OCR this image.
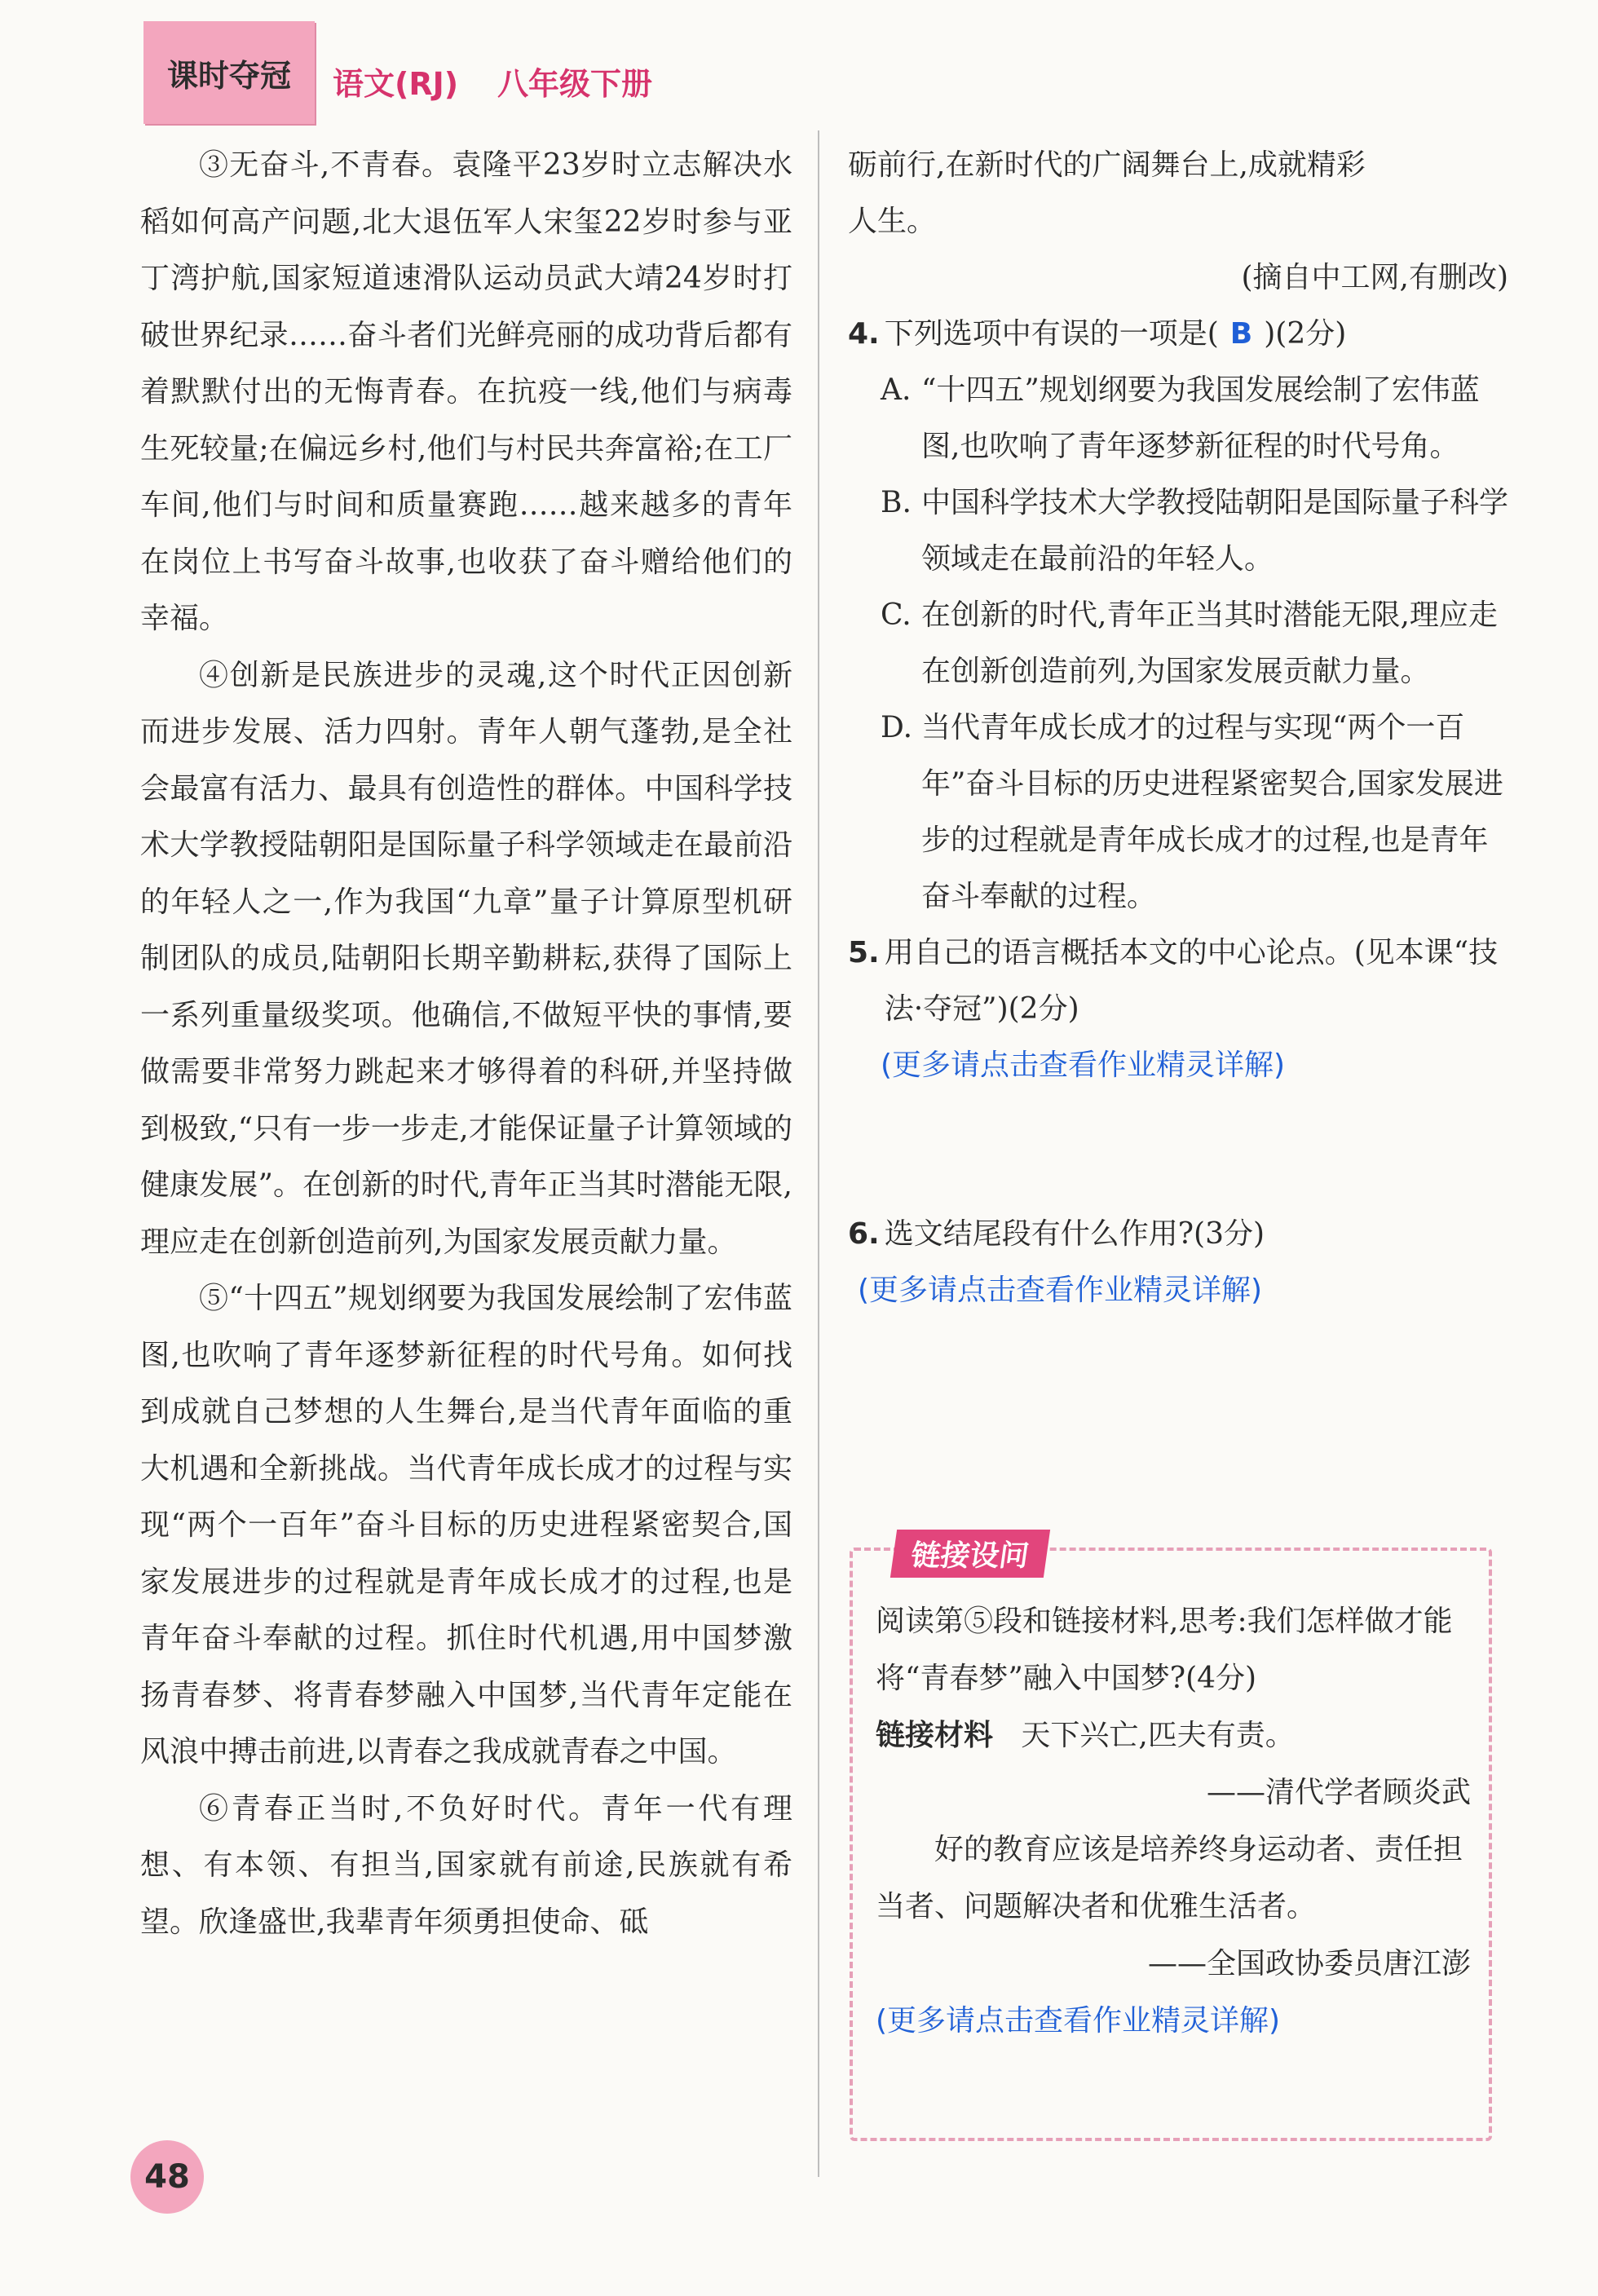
课时夺冠 语文(RJ) 八年级下册

③无奋斗,不青春。袁隆平23岁时立志解决水稻如何高产问题,北大退伍军人宋玺22岁时参与亚丁湾护航,国家短道速滑队运动员武大靖24岁时打破世界纪录……奋斗者们光鲜亮丽的成功背后都有着默默付出的无悔青春。在抗疫一线,他们与病毒生死较量;在偏远乡村,他们与村民共奔富裕;在工厂车间,他们与时间和质量赛跑……越来越多的青年在岗位上书写奋斗故事,也收获了奋斗赠给他们的幸福。

④创新是民族进步的灵魂,这个时代正因创新而进步发展、活力四射。青年人朝气蓬勃,是全社会最富有活力、最具有创造性的群体。中国科学技术大学教授陆朝阳是国际量子科学领域走在最前沿的年轻人之一,作为我国“九章”量子计算原型机研制团队的成员,陆朝阳长期辛勤耕耘,获得了国际上一系列重量级奖项。他确信,不做短平快的事情,要做需要非常努力跳起来才够得着的科研,并坚持做到极致,“只有一步一步走,才能保证量子计算领域的健康发展”。在创新的时代,青年正当其时潜能无限,理应走在创新创造前列,为国家发展贡献力量。

⑤“十四五”规划纲要为我国发展绘制了宏伟蓝图,也吹响了青年逐梦新征程的时代号角。如何找到成就自己梦想的人生舞台,是当代青年面临的重大机遇和全新挑战。当代青年成长成才的过程与实现“两个一百年”奋斗目标的历史进程紧密契合,国家发展进步的过程就是青年成长成才的过程,也是青年奋斗奉献的过程。抓住时代机遇,用中国梦激扬青春梦、将青春梦融入中国梦,当代青年定能在风浪中搏击前进,以青春之我成就青春之中国。

⑥青春正当时,不负好时代。青年一代有理想、有本领、有担当,国家就有前途,民族就有希望。欣逢盛世,我辈青年须勇担使命、砥

砺前行,在新时代的广阔舞台上,成就精彩

人生。

(摘自中工网,有删改)

4. 下列选项中有误的一项是( B )(2分)
A. “十四五”规划纲要为我国发展绘制了宏伟蓝图,也吹响了青年逐梦新征程的时代号角。
B. 中国科学技术大学教授陆朝阳是国际量子科学领域走在最前沿的年轻人。
C. 在创新的时代,青年正当其时潜能无限,理应走在创新创造前列,为国家发展贡献力量。
D. 当代青年成长成才的过程与实现“两个一百年”奋斗目标的历史进程紧密契合,国家发展进步的过程就是青年成长成才的过程,也是青年奋斗奉献的过程。
5. 用自己的语言概括本文的中心论点。(见本课“技法·夺冠”)(2分)

(更多请点击查看作业精灵详解)

6. 选文结尾段有什么作用?(3分)

(更多请点击查看作业精灵详解)

链接设问

阅读第⑤段和链接材料,思考:我们怎样做才能将“青春梦”融入中国梦?(4分)

链接材料 天下兴亡,匹夫有责。

——清代学者顾炎武

好的教育应该是培养终身运动者、责任担当者、问题解决者和优雅生活者。

——全国政协委员唐江澎

(更多请点击查看作业精灵详解)

48
